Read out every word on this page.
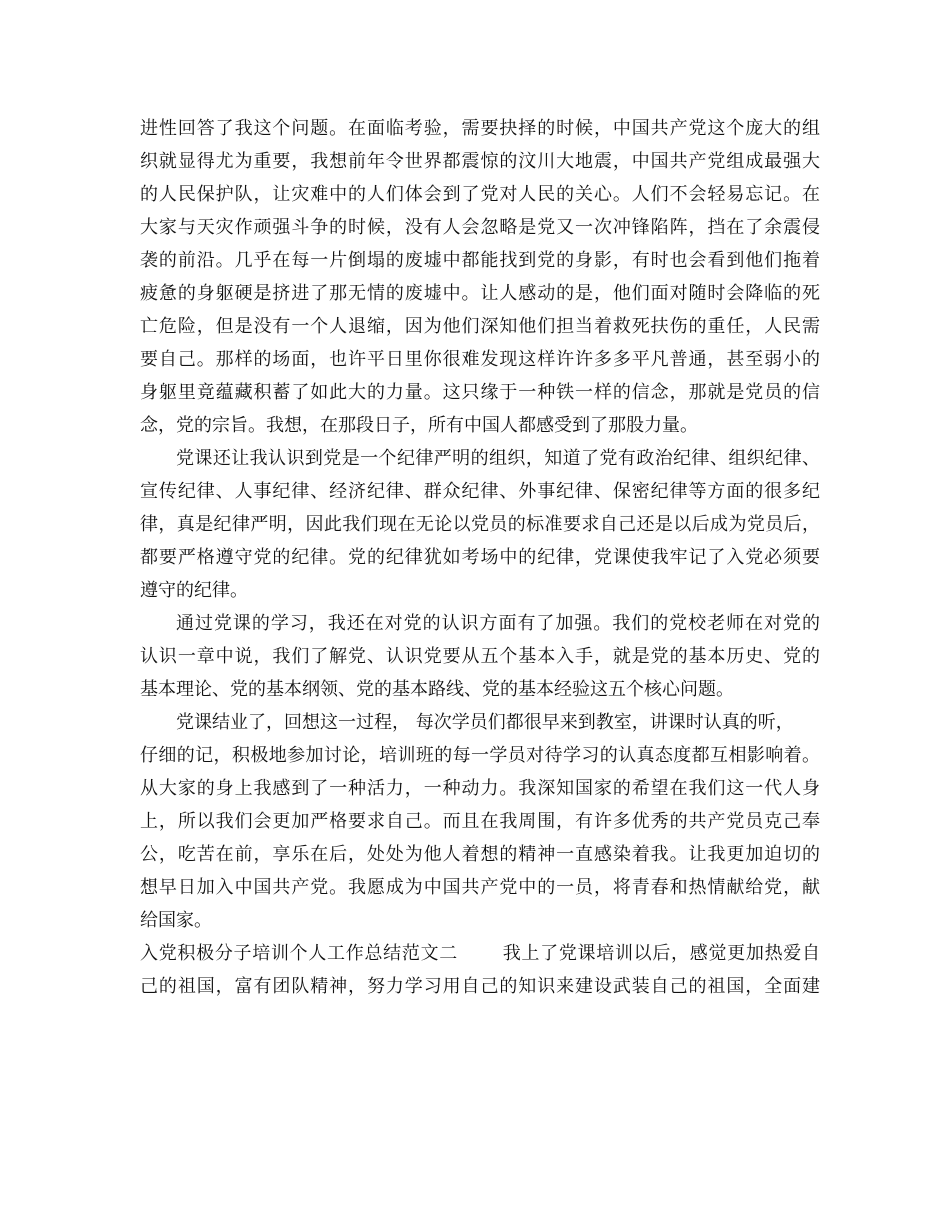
进性回答了我这个问题。在面临考验，需要抉择的时候，中国共产党这个庞大的组
织就显得尤为重要，我想前年令世界都震惊的汶川大地震，中国共产党组成最强大
的人民保护队，让灾难中的人们体会到了党对人民的关心。人们不会轻易忘记。在
大家与天灾作顽强斗争的时候，没有人会忽略是党又一次冲锋陷阵，挡在了余震侵
袭的前沿。几乎在每一片倒塌的废墟中都能找到党的身影，有时也会看到他们拖着
疲惫的身躯硬是挤进了那无情的废墟中。让人感动的是，他们面对随时会降临的死
亡危险，但是没有一个人退缩，因为他们深知他们担当着救死扶伤的重任，人民需
要自己。那样的场面，也许平日里你很难发现这样许许多多平凡普通，甚至弱小的
身躯里竟蕴藏积蓄了如此大的力量。这只缘于一种铁一样的信念，那就是党员的信
念，党的宗旨。我想，在那段日子，所有中国人都感受到了那股力量。
党课还让我认识到党是一个纪律严明的组织，知道了党有政治纪律、组织纪律、
宣传纪律、人事纪律、经济纪律、群众纪律、外事纪律、保密纪律等方面的很多纪
律，真是纪律严明，因此我们现在无论以党员的标准要求自己还是以后成为党员后，
都要严格遵守党的纪律。党的纪律犹如考场中的纪律，党课使我牢记了入党必须要
遵守的纪律。
通过党课的学习，我还在对党的认识方面有了加强。我们的党校老师在对党的
认识一章中说，我们了解党、认识党要从五个基本入手，就是党的基本历史、党的
基本理论、党的基本纲领、党的基本路线、党的基本经验这五个核心问题。
党课结业了，回想这一过程， 每次学员们都很早来到教室，讲课时认真的听，
仔细的记，积极地参加讨论，培训班的每一学员对待学习的认真态度都互相影响着。
从大家的身上我感到了一种活力，一种动力。我深知国家的希望在我们这一代人身
上，所以我们会更加严格要求自己。而且在我周围，有许多优秀的共产党员克己奉
公，吃苦在前，享乐在后，处处为他人着想的精神一直感染着我。让我更加迫切的
想早日加入中国共产党。我愿成为中国共产党中的一员，将青春和热情献给党，献
给国家。
入党积极分子培训个人工作总结范文二 我上了党课培训以后，感觉更加热爱自
己的祖国，富有团队精神，努力学习用自己的知识来建设武装自己的祖国，全面建
